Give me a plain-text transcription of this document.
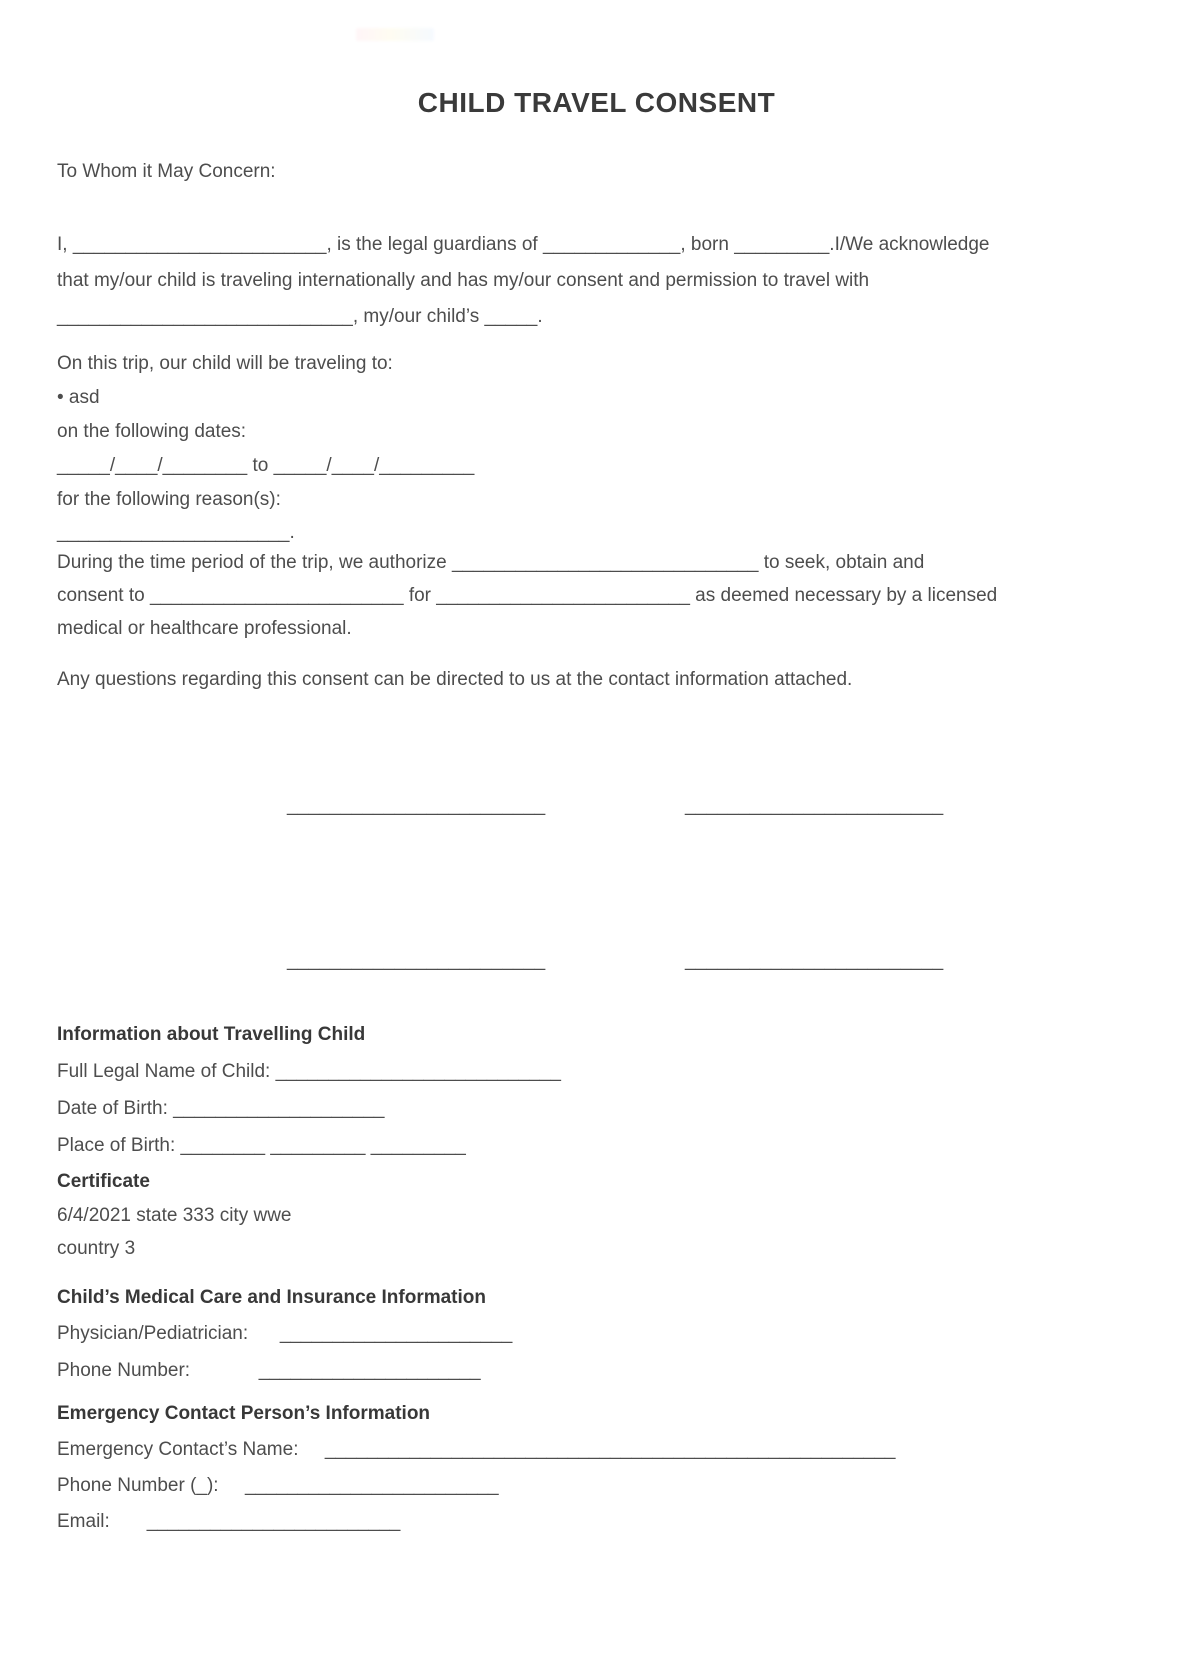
CHILD TRAVEL CONSENT
To Whom it May Concern:
I, ________________________, is the legal guardians of _____________, born _________.I/We acknowledge
that my/our child is traveling internationally and has my/our consent and permission to travel with
____________________________, my/our child’s _____.
On this trip, our child will be traveling to:
• asd
on the following dates:
_____/____/________ to _____/____/_________
for the following reason(s):
______________________.
During the time period of the trip, we authorize _____________________________ to seek, obtain and
consent to ________________________ for ________________________ as deemed necessary by a licensed
medical or healthcare professional.
Any questions regarding this consent can be directed to us at the contact information attached.
________________________	________________________
________________________	________________________
Information about Travelling Child
Full Legal Name of Child: ___________________________
Date of Birth: ____________________
Place of Birth: ________ _________ _________
Certificate
6/4/2021 state 333 city wwe
country 3
Child’s Medical Care and Insurance Information
Physician/Pediatrician:      ______________________
Phone Number:             _____________________
Emergency Contact Person’s Information
Emergency Contact’s Name:     ______________________________________________________
Phone Number (_):     ________________________
Email:       ________________________
